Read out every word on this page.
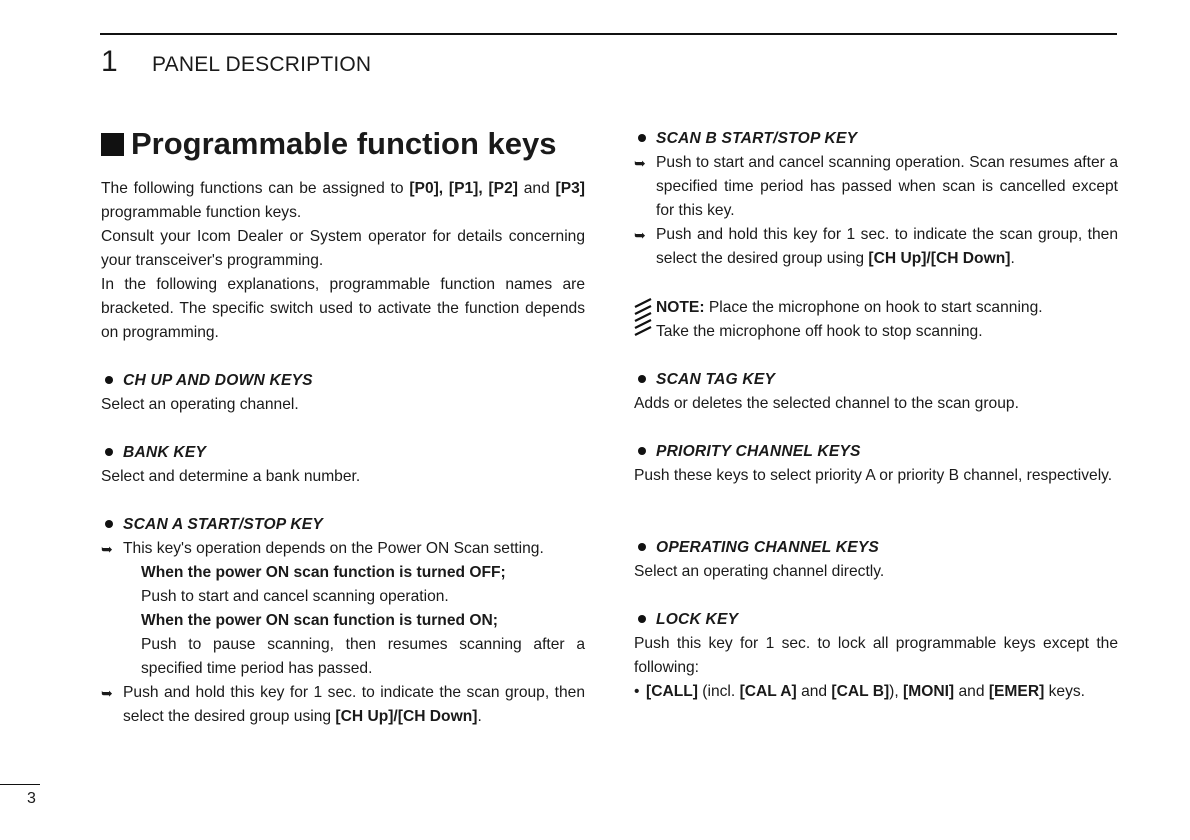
1 PANEL DESCRIPTION
Programmable function keys
The following functions can be assigned to [P0], [P1], [P2] and [P3] programmable function keys.
Consult your Icom Dealer or System operator for details concerning your transceiver's programming.
In the following explanations, programmable function names are bracketed. The specific switch used to activate the function depends on programming.
CH UP AND DOWN KEYS
Select an operating channel.
BANK KEY
Select and determine a bank number.
SCAN A START/STOP KEY
➥ This key's operation depends on the Power ON Scan setting.
When the power ON scan function is turned OFF;
Push to start and cancel scanning operation.
When the power ON scan function is turned ON;
Push to pause scanning, then resumes scanning after a specified time period has passed.
➥ Push and hold this key for 1 sec. to indicate the scan group, then select the desired group using [CH Up]/[CH Down].
SCAN B START/STOP KEY
➥ Push to start and cancel scanning operation. Scan resumes after a specified time period has passed when scan is cancelled except for this key.
➥ Push and hold this key for 1 sec. to indicate the scan group, then select the desired group using [CH Up]/[CH Down].
NOTE: Place the microphone on hook to start scanning.
Take the microphone off hook to stop scanning.
SCAN TAG KEY
Adds or deletes the selected channel to the scan group.
PRIORITY CHANNEL KEYS
Push these keys to select priority A or priority B channel, respectively.
OPERATING CHANNEL KEYS
Select an operating channel directly.
LOCK KEY
Push this key for 1 sec. to lock all programmable keys except the following:
• [CALL] (incl. [CAL A] and [CAL B]), [MONI] and [EMER] keys.
3
